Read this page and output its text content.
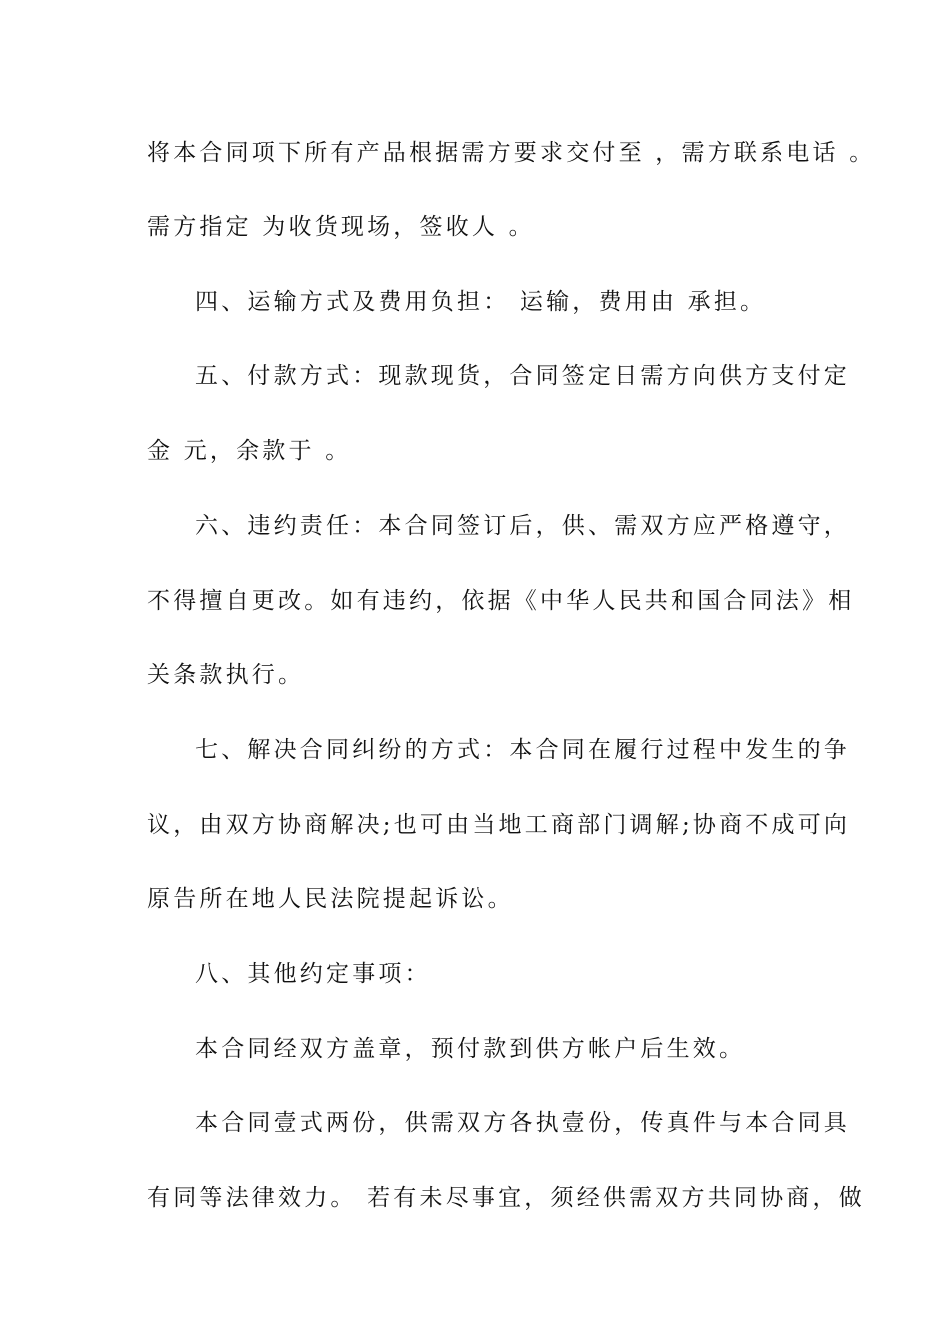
将本合同项下所有产品根据需方要求交付至 ，需方联系电话 。
需方指定 为收货现场，签收人 。
四、运输方式及费用负担： 运输，费用由 承担。
五、付款方式：现款现货，合同签定日需方向供方支付定
金 元，余款于 。
六、违约责任：本合同签订后，供、需双方应严格遵守，
不得擅自更改。如有违约，依据《中华人民共和国合同法》相
关条款执行。
七、解决合同纠纷的方式：本合同在履行过程中发生的争
议，由双方协商解决;也可由当地工商部门调解;协商不成可向
原告所在地人民法院提起诉讼。
八、其他约定事项：
本合同经双方盖章，预付款到供方帐户后生效。
本合同壹式两份，供需双方各执壹份，传真件与本合同具
有同等法律效力。 若有未尽事宜，须经供需双方共同协商，做
